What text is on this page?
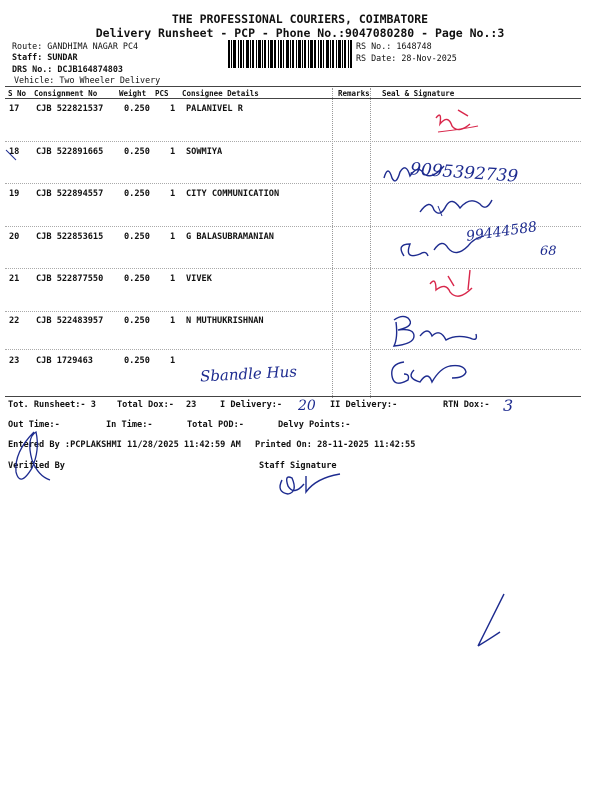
THE PROFESSIONAL COURIERS, COIMBATORE
Delivery Runsheet - PCP - Phone No.:9047080280 - Page No.:3
Route: GANDHIMA NAGAR PC4
Staff: SUNDAR
DRS No.: DCJB164874803
Vehicle: Two Wheeler Delivery
RS No.: 1648748
RS Date: 28-Nov-2025
S No Consignment No	Weight PCS Consignee Details	Remarks Seal & Signature
17 CJB 522821537 0.250 1 PALANIVEL R
18 CJB 522891665 0.250 1 SOWMIYA
19 CJB 522894557 0.250 1 CITY COMMUNICATION
20 CJB 522853615 0.250 1 G BALASUBRAMANIAN
21 CJB 522877550 0.250 1 VIVEK
22 CJB 522483957 0.250 1 N MUTHUKRISHNAN
23 CJB 1729463	0.250 1
Tot. Runsheet:- 3 Total Dox:- 23	I Delivery:-	II Delivery:-	RTN Dox:-
Out Time:-	In Time:-	Total POD:-	Delvy Points:-
Entered By :PCPLAKSHMI 11/28/2025 11:42:59 AM Printed On: 28-11-2025 11:42:55
Verified By	Staff Signature
9095392739
99444588
68
20	3
Sbandle Hus
